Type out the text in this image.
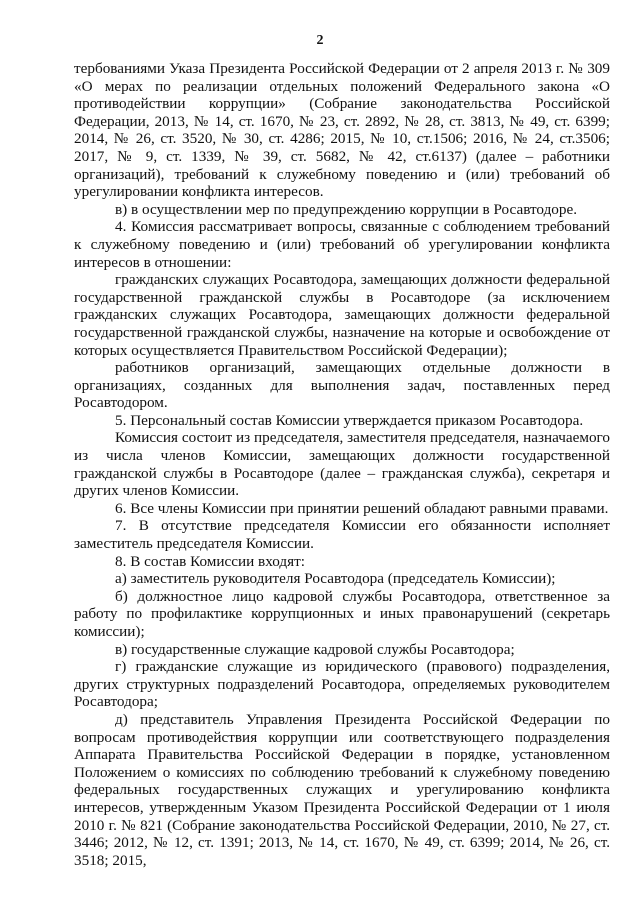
2

тербованиями Указа Президента Российской Федерации от 2 апреля 2013 г. № 309 «О мерах по реализации отдельных положений Федерального закона «О противодействии коррупции» (Собрание законодательства Российской Федерации, 2013, № 14, ст. 1670, № 23, ст. 2892, № 28, ст. 3813, № 49, ст. 6399; 2014, № 26, ст. 3520, № 30, ст. 4286; 2015, № 10, ст.1506; 2016, № 24, ст.3506; 2017, № 9, ст. 1339, № 39, ст. 5682, № 42, ст.6137) (далее – работники организаций), требований к служебному поведению и (или) требований об урегулировании конфликта интересов.

в) в осуществлении мер по предупреждению коррупции в Росавтодоре.

4. Комиссия рассматривает вопросы, связанные с соблюдением требований к служебному поведению и (или) требований об урегулировании конфликта интересов в отношении:

гражданских служащих Росавтодора, замещающих должности федеральной государственной гражданской службы в Росавтодоре (за исключением гражданских служащих Росавтодора, замещающих должности федеральной государственной гражданской службы, назначение на которые и освобождение от которых осуществляется Правительством Российской Федерации);

работников организаций, замещающих отдельные должности в организациях, созданных для выполнения задач, поставленных перед Росавтодором.

5. Персональный состав Комиссии утверждается приказом Росавтодора.

Комиссия состоит из председателя, заместителя председателя, назначаемого из числа членов Комиссии, замещающих должности государственной гражданской службы в Росавтодоре (далее – гражданская служба), секретаря и других членов Комиссии.

6. Все члены Комиссии при принятии решений обладают равными правами.

7. В отсутствие председателя Комиссии его обязанности исполняет заместитель председателя Комиссии.

8. В состав Комиссии входят:

а) заместитель руководителя Росавтодора (председатель Комиссии);

б) должностное лицо кадровой службы Росавтодора, ответственное за работу по профилактике коррупционных и иных правонарушений (секретарь комиссии);

в) государственные служащие кадровой службы Росавтодора;

г) гражданские служащие из юридического (правового) подразделения, других структурных подразделений Росавтодора, определяемых руководителем Росавтодора;

д) представитель Управления Президента Российской Федерации по вопросам противодействия коррупции или соответствующего подразделения Аппарата Правительства Российской Федерации в порядке, установленном Положением о комиссиях по соблюдению требований к служебному поведению федеральных государственных служащих и урегулированию конфликта интересов, утвержденным Указом Президента Российской Федерации от 1 июля 2010 г. № 821 (Собрание законодательства Российской Федерации, 2010, № 27, ст. 3446; 2012, № 12, ст. 1391; 2013, № 14, ст. 1670, № 49, ст. 6399; 2014, № 26, ст. 3518; 2015,
